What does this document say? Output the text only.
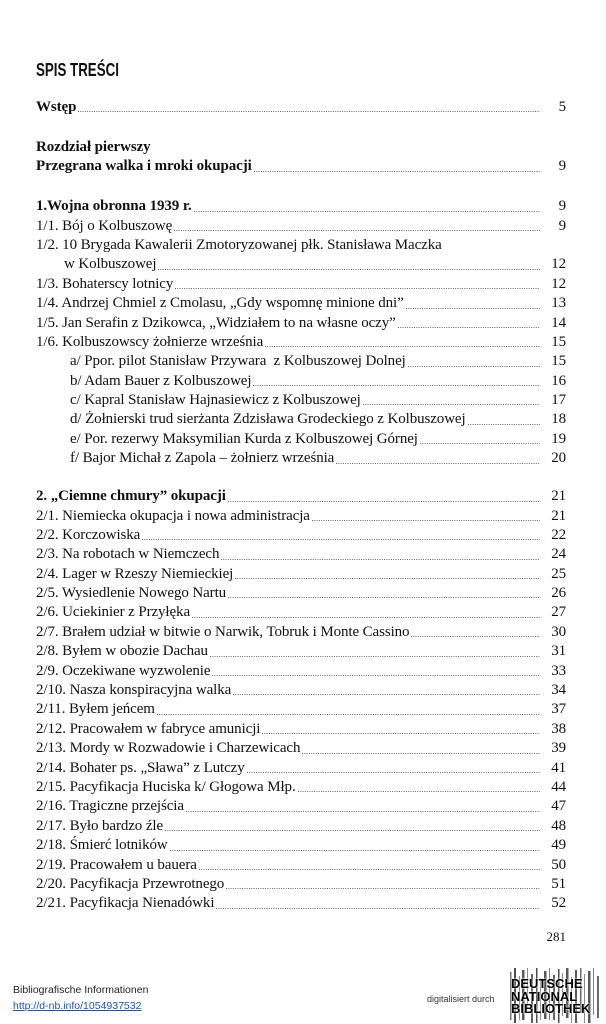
SPIS TREŚCI
Wstęp	5
Rozdział pierwszy
Przegrana walka i mroki okupacji	9
1.Wojna obronna 1939 r.	9
1/1. Bój o Kolbuszowę	9
1/2. 10 Brygada Kawalerii Zmotoryzowanej płk. Stanisława Maczka
w Kolbuszowej	12
1/3. Bohaterscy lotnicy	12
1/4. Andrzej Chmiel z Cmolasu, „Gdy wspomnę minione dni”	13
1/5. Jan Serafin z Dzikowca, „Widziałem to na własne oczy”	14
1/6. Kolbuszowscy żołnierze września	15
a/ Ppor. pilot Stanisław Przywara  z Kolbuszowej Dolnej	15
b/ Adam Bauer z Kolbuszowej	16
c/ Kapral Stanisław Hajnasiewicz z Kolbuszowej	17
d/ Żołnierski trud sierżanta Zdzisława Grodeckiego z Kolbuszowej	18
e/ Por. rezerwy Maksymilian Kurda z Kolbuszowej Górnej	19
f/ Bajor Michał z Zapola – żołnierz września	20
2. „Ciemne chmury” okupacji	21
2/1. Niemiecka okupacja i nowa administracja	21
2/2. Korczowiska	22
2/3. Na robotach w Niemczech	24
2/4. Lager w Rzeszy Niemieckiej	25
2/5. Wysiedlenie Nowego Nartu	26
2/6. Uciekinier z Przyłęka	27
2/7. Brałem udział w bitwie o Narwik, Tobruk i Monte Cassino	30
2/8. Byłem w obozie Dachau	31
2/9. Oczekiwane wyzwolenie	33
2/10. Nasza konspiracyjna walka	34
2/11. Byłem jeńcem	37
2/12. Pracowałem w fabryce amunicji	38
2/13. Mordy w Rozwadowie i Charzewicach	39
2/14. Bohater ps. „Sława” z Lutczy	41
2/15. Pacyfikacja Huciska k/ Głogowa Młp.	44
2/16. Tragiczne przejścia	47
2/17. Było bardzo źle	48
2/18. Śmierć lotników	49
2/19. Pracowałem u bauera	50
2/20. Pacyfikacja Przewrotnego	51
2/21. Pacyfikacja Nienadówki	52
281
Bibliografische Informationen
http://d-nb.info/1054937532
digitalisiert durch
DEUTSCHE
NATIONAL
BIBLIOTHEK
